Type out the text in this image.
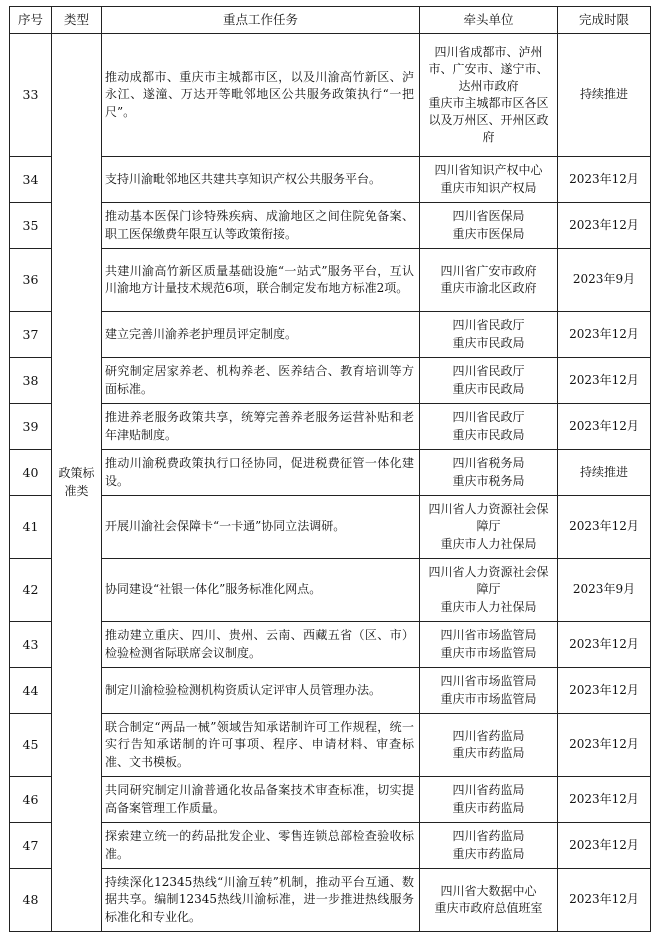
序号	类型	重点工作任务	牵头单位	完成时限
33	政策标准类	推动成都市、重庆市主城都市区，以及川渝高竹新区、泸永江、遂潼、万达开等毗邻地区公共服务政策执行“一把尺”。	四川省成都市、泸州市、广安市、遂宁市、达州市政府
重庆市主城都市区各区以及万州区、开州区政府	持续推进
34		支持川渝毗邻地区共建共享知识产权公共服务平台。	四川省知识产权中心
重庆市知识产权局	2023年12月
35		推动基本医保门诊特殊疾病、成渝地区之间住院免备案、职工医保缴费年限互认等政策衔接。	四川省医保局
重庆市医保局	2023年12月
36		共建川渝高竹新区质量基础设施“一站式”服务平台，互认川渝地方计量技术规范6项，联合制定发布地方标准2项。	四川省广安市政府
重庆市渝北区政府	2023年9月
37		建立完善川渝养老护理员评定制度。	四川省民政厅
重庆市民政局	2023年12月
38		研究制定居家养老、机构养老、医养结合、教育培训等方面标准。	四川省民政厅
重庆市民政局	2023年12月
39		推进养老服务政策共享，统筹完善养老服务运营补贴和老年津贴制度。	四川省民政厅
重庆市民政局	2023年12月
40		推动川渝税费政策执行口径协同，促进税费征管一体化建设。	四川省税务局
重庆市税务局	持续推进
41		开展川渝社会保障卡“一卡通”协同立法调研。	四川省人力资源社会保障厅
重庆市人力社保局	2023年12月
42		协同建设“社银一体化”服务标准化网点。	四川省人力资源社会保障厅
重庆市人力社保局	2023年9月
43		推动建立重庆、四川、贵州、云南、西藏五省（区、市）检验检测省际联席会议制度。	四川省市场监管局
重庆市市场监管局	2023年12月
44		制定川渝检验检测机构资质认定评审人员管理办法。	四川省市场监管局
重庆市市场监管局	2023年12月
45		联合制定“两品一械”领域告知承诺制许可工作规程，统一实行告知承诺制的许可事项、程序、申请材料、审查标准、文书模板。	四川省药监局
重庆市药监局	2023年12月
46		共同研究制定川渝普通化妆品备案技术审查标准，切实提高备案管理工作质量。	四川省药监局
重庆市药监局	2023年12月
47		探索建立统一的药品批发企业、零售连锁总部检查验收标准。	四川省药监局
重庆市药监局	2023年12月
48		持续深化12345热线“川渝互转”机制，推动平台互通、数据共享。编制12345热线川渝标准，进一步推进热线服务标准化和专业化。	四川省大数据中心
重庆市政府总值班室	2023年12月
